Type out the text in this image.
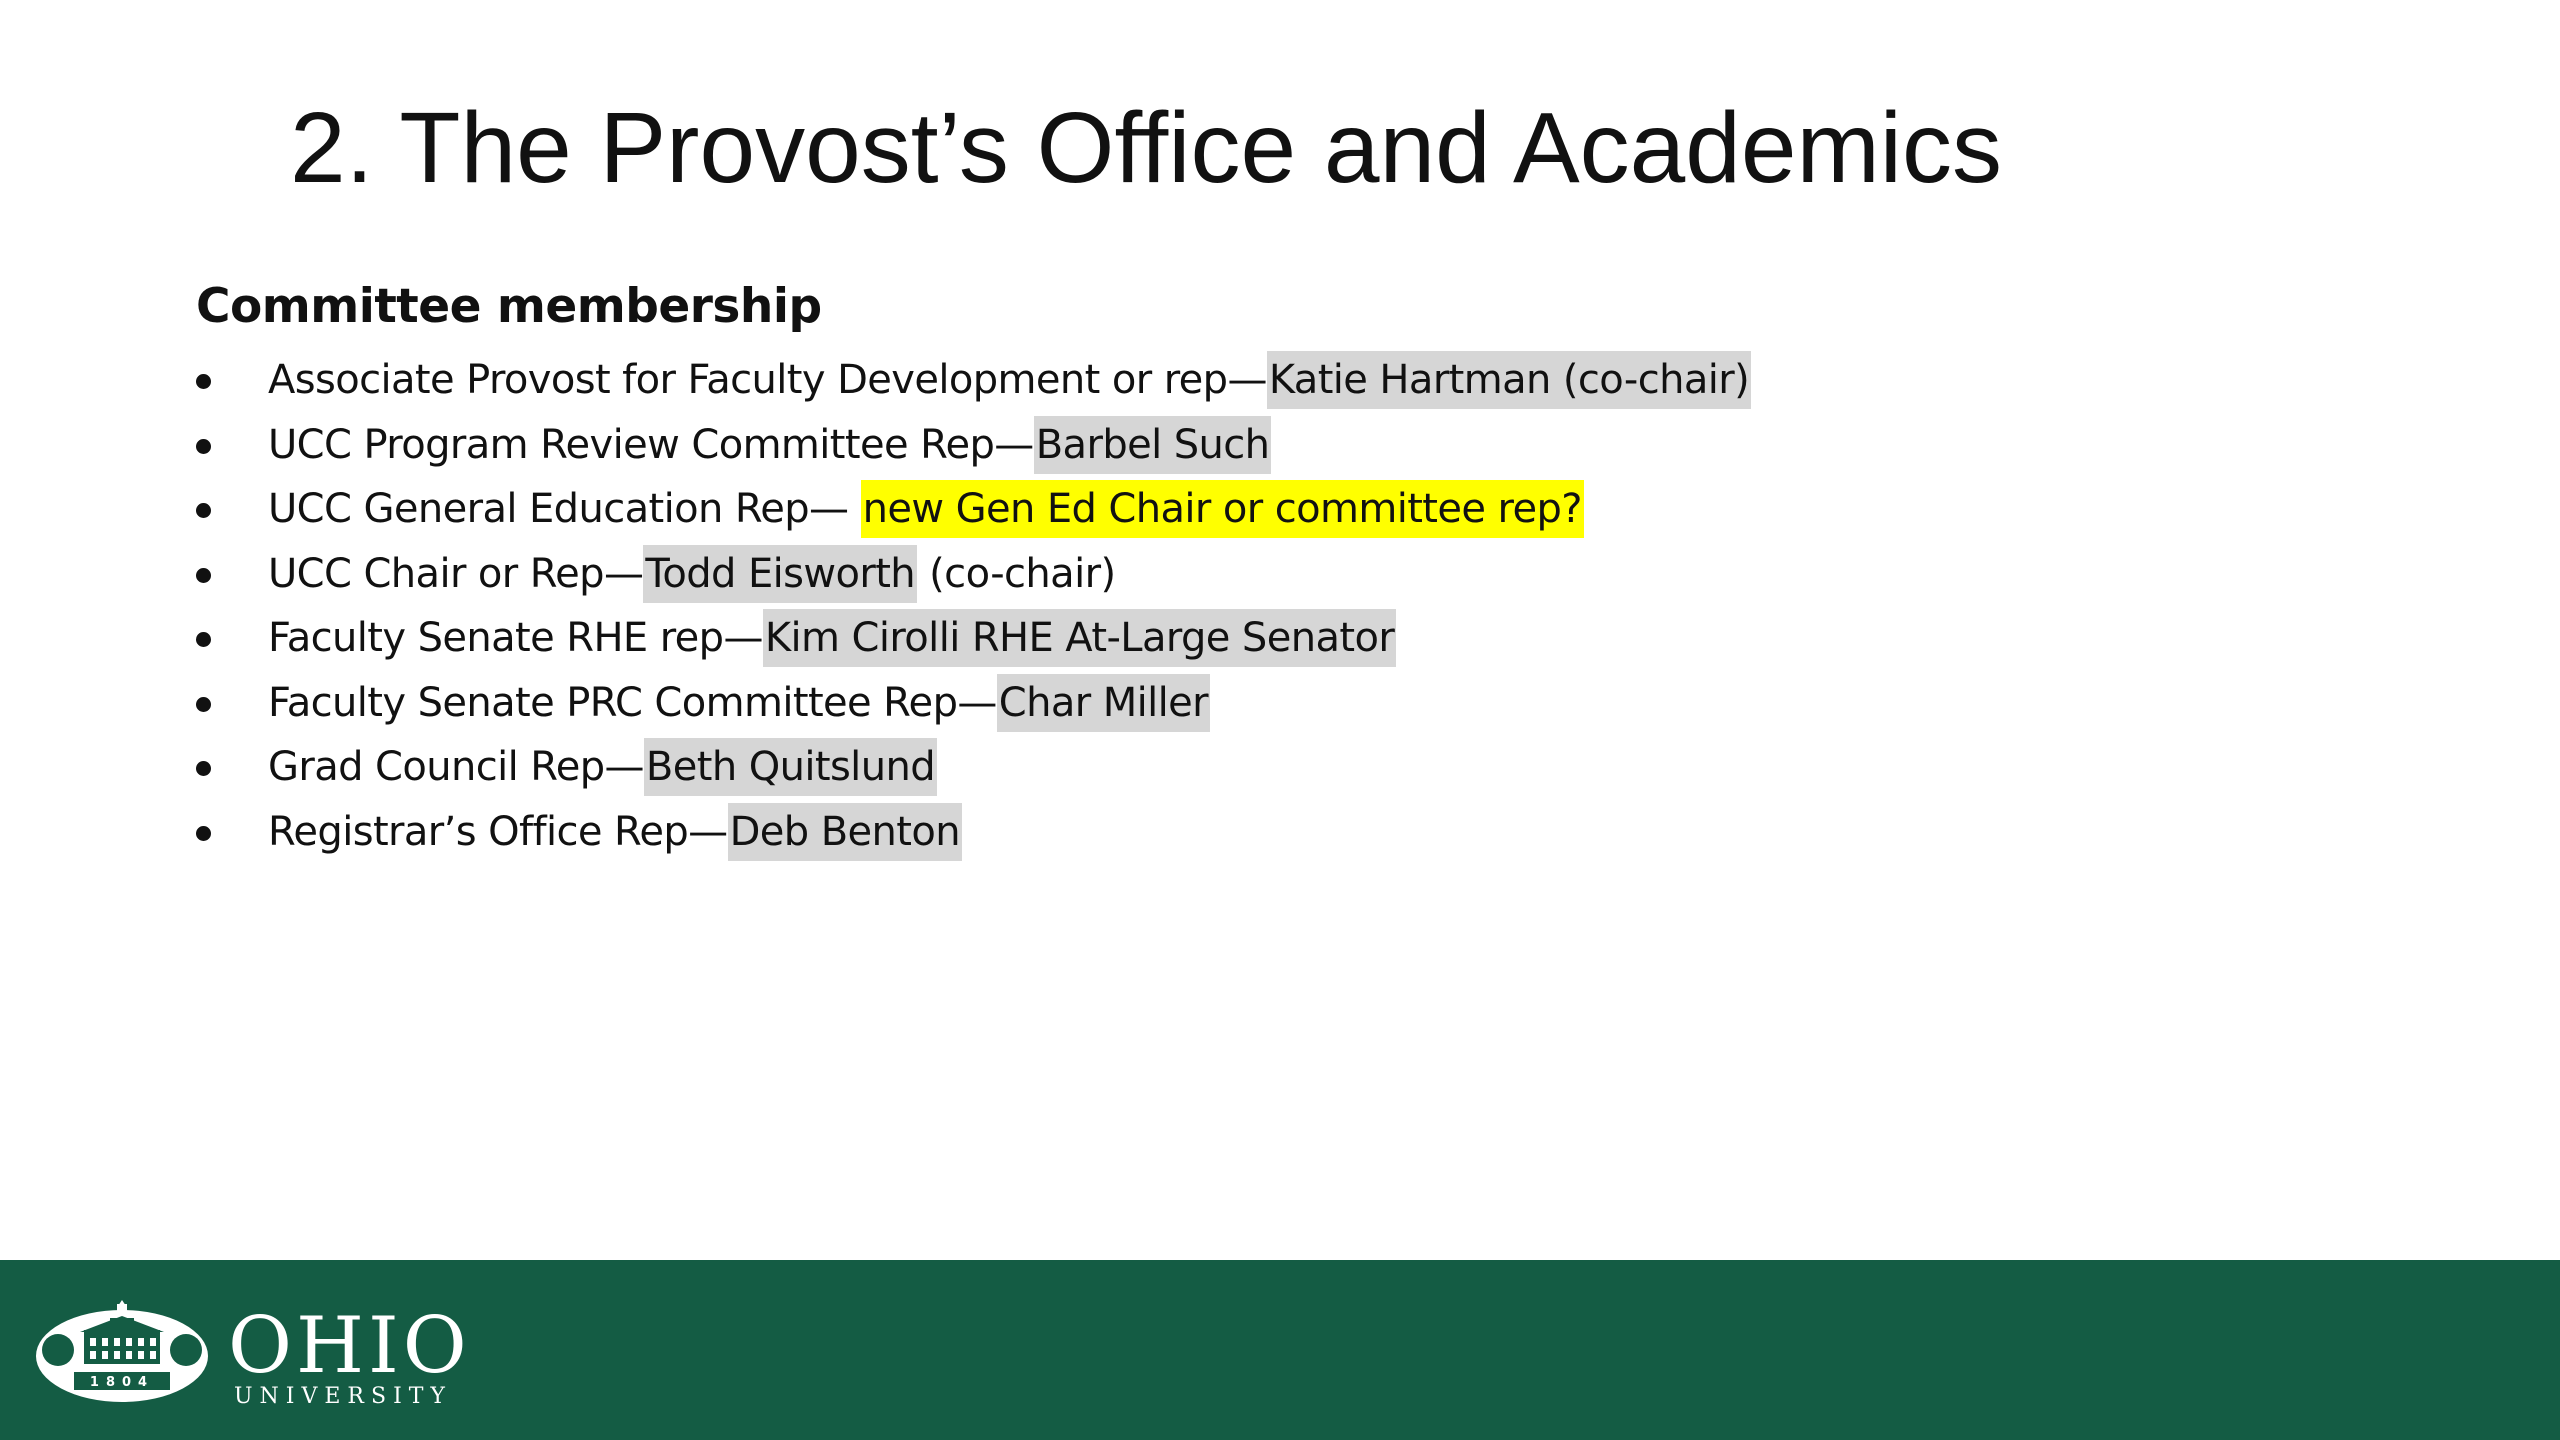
2. The Provost’s Office and Academics
Committee membership
Associate Provost for Faculty Development or rep—Katie Hartman (co-chair)
UCC Program Review Committee Rep—Barbel Such
UCC General Education Rep— new Gen Ed Chair or committee rep?
UCC Chair or Rep—Todd Eisworth (co-chair)
Faculty Senate RHE rep—Kim Cirolli RHE At-Large Senator
Faculty Senate PRC Committee Rep—Char Miller
Grad Council Rep—Beth Quitslund
Registrar’s Office Rep—Deb Benton
1804 OHIO
UNIVERSITY
